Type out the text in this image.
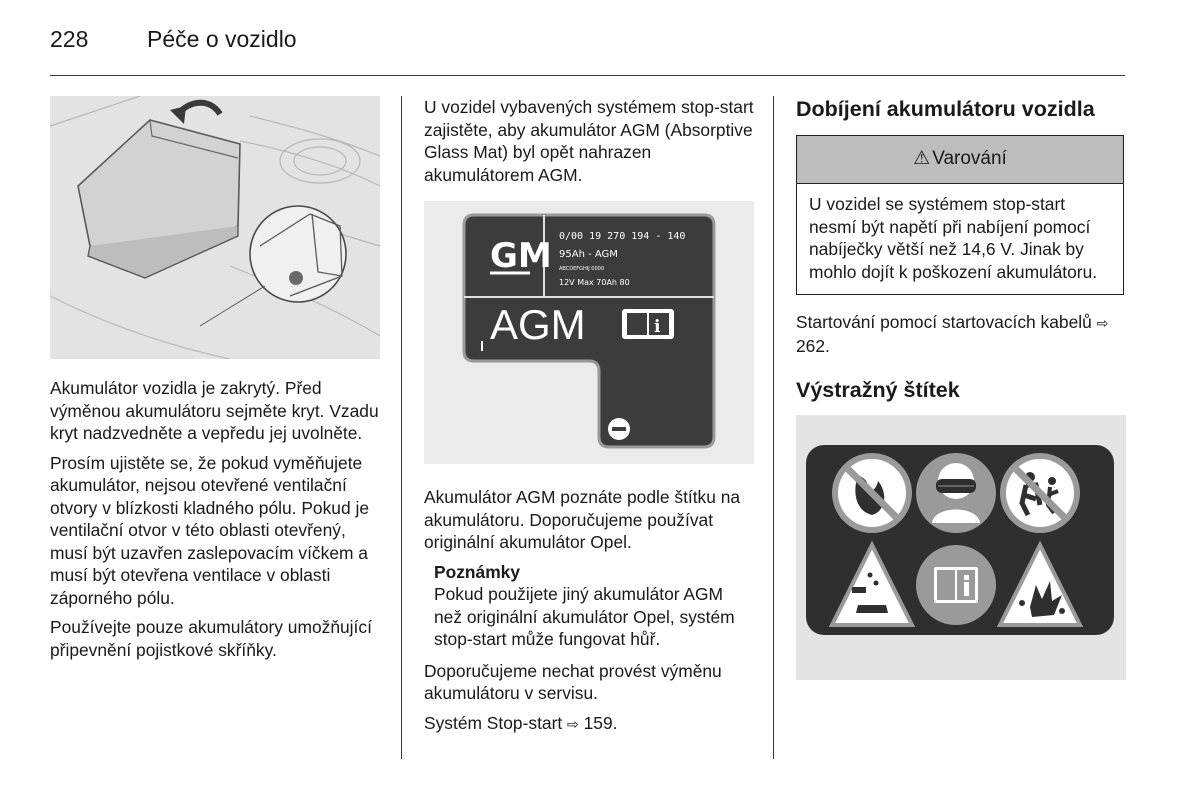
228	Péče o vozidlo

Akumulátor vozidla je zakrytý. Před výměnou akumulátoru sejměte kryt. Vzadu kryt nadzvedněte a vepředu jej uvolněte.

Prosím ujistěte se, že pokud vyměňujete akumulátor, nejsou otevřené ventilační otvory v blízkosti kladného pólu. Pokud je ventilační otvor v této oblasti otevřený, musí být uzavřen zaslepovacím víčkem a musí být otevřena ventilace v oblasti záporného pólu.

Používejte pouze akumulátory umožňující připevnění pojistkové skříňky.

U vozidel vybavených systémem stop-start zajistěte, aby akumulátor AGM (Absorptive Glass Mat) byl opět nahrazen akumulátorem AGM.

GM 0/00 19 270 194 - 140
95Ah - AGM
ABCDEFGHIJ 0000
12V Max 70Ah 80
AGM	i

Akumulátor AGM poznáte podle štítku na akumulátoru. Doporučujeme používat originální akumulátor Opel.

Poznámky

Pokud použijete jiný akumulátor AGM než originální akumulátor Opel, systém stop-start může fungovat hůř.

Doporučujeme nechat provést výměnu akumulátoru v servisu.

Systém Stop-start ⇨ 159.

Dobíjení akumulátoru vozidla
⚠ Varování

U vozidel se systémem stop-start nesmí být napětí při nabíjení pomocí nabíječky větší než 14,6 V. Jinak by mohlo dojít k poškození akumulátoru.

Startování pomocí startovacích kabelů ⇨ 262.

Výstražný štítek
